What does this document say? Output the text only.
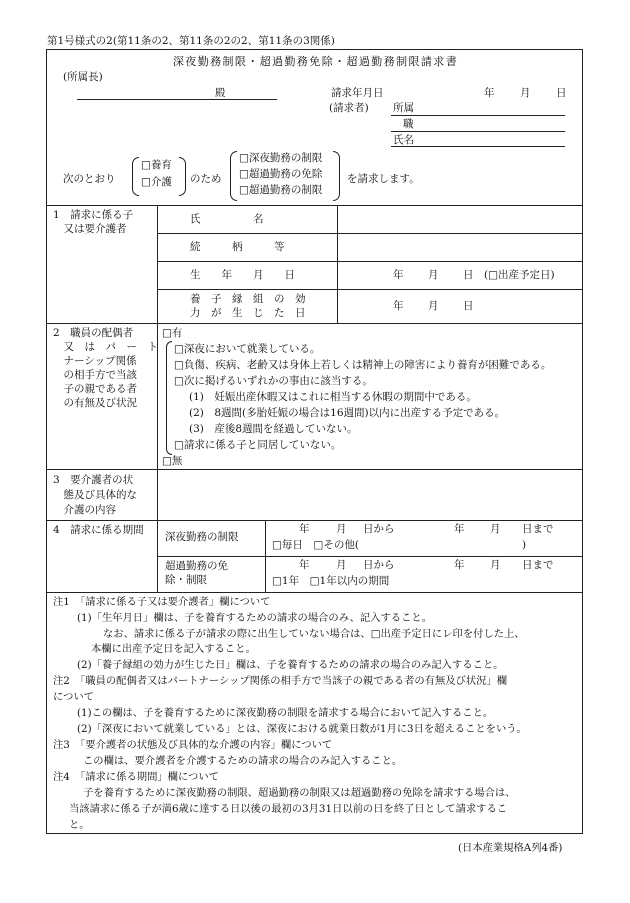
第1号様式の2(第11条の2、第11条の2の2、第11条の3関係)
深夜勤務制限・超過勤務免除・超過勤務制限請求書
(所属長)
殿	請求年月日	年 月 日
(請求者) 所属
職
氏名
次のとおり
□養育
□介護 のため
□深夜勤務の制限
□超過勤務の免除
□超過勤務の制限
を請求します。
1　請求に係る子
　又は要介護者
氏　　　　　名
続　　　柄　　　等
生　　年　　月　　日	年 月 日 (□出産予定日)
養　子　縁　組　の　効
力　が　生　じ　た　日
年 月 日
2　職員の配偶者
　又　は　パ　ー　ト
　ナーシップ関係
　の相手方で当該
　子の親である者
　の有無及び状況
□有
□深夜において就業している。
□負傷、疾病、老齢又は身体上若しくは精神上の障害により養育が困難である。
□次に掲げるいずれかの事由に該当する。
(1)　妊娠出産休暇又はこれに相当する休暇の期間中である。
(2)　8週間(多胎妊娠の場合は16週間)以内に出産する予定である。
(3)　産後8週間を経過していない。
□請求に係る子と同居していない。
□無
3　要介護者の状
　態及び具体的な
　介護の内容
4　請求に係る期間
深夜勤務の制限
年	月 日から	年 月 日まで
□毎日　□その他(	)
超過勤務の免
除・制限
年	月 日から	年 月 日まで
□1年　□1年以内の期間
注1　「請求に係る子又は要介護者」欄について
(1)「生年月日」欄は、子を養育するための請求の場合のみ、記入すること。
なお、請求に係る子が請求の際に出生していない場合は、□出産予定日にレ印を付した上、
本欄に出産予定日を記入すること。
(2)「養子縁組の効力が生じた日」欄は、子を養育するための請求の場合のみ記入すること。
注2　「職員の配偶者又はパートナーシップ関係の相手方で当該子の親である者の有無及び状況」欄
について
(1)この欄は、子を養育するために深夜勤務の制限を請求する場合において記入すること。
(2)「深夜において就業している」とは、深夜における就業日数が1月に3日を超えることをいう。
注3　「要介護者の状態及び具体的な介護の内容」欄について
この欄は、要介護者を介護するための請求の場合のみ記入すること。
注4　「請求に係る期間」欄について
子を養育するために深夜勤務の制限、超過勤務の制限又は超過勤務の免除を請求する場合は、
当該請求に係る子が満6歳に達する日以後の最初の3月31日以前の日を終了日として請求するこ
と。
(日本産業規格A列4番)
